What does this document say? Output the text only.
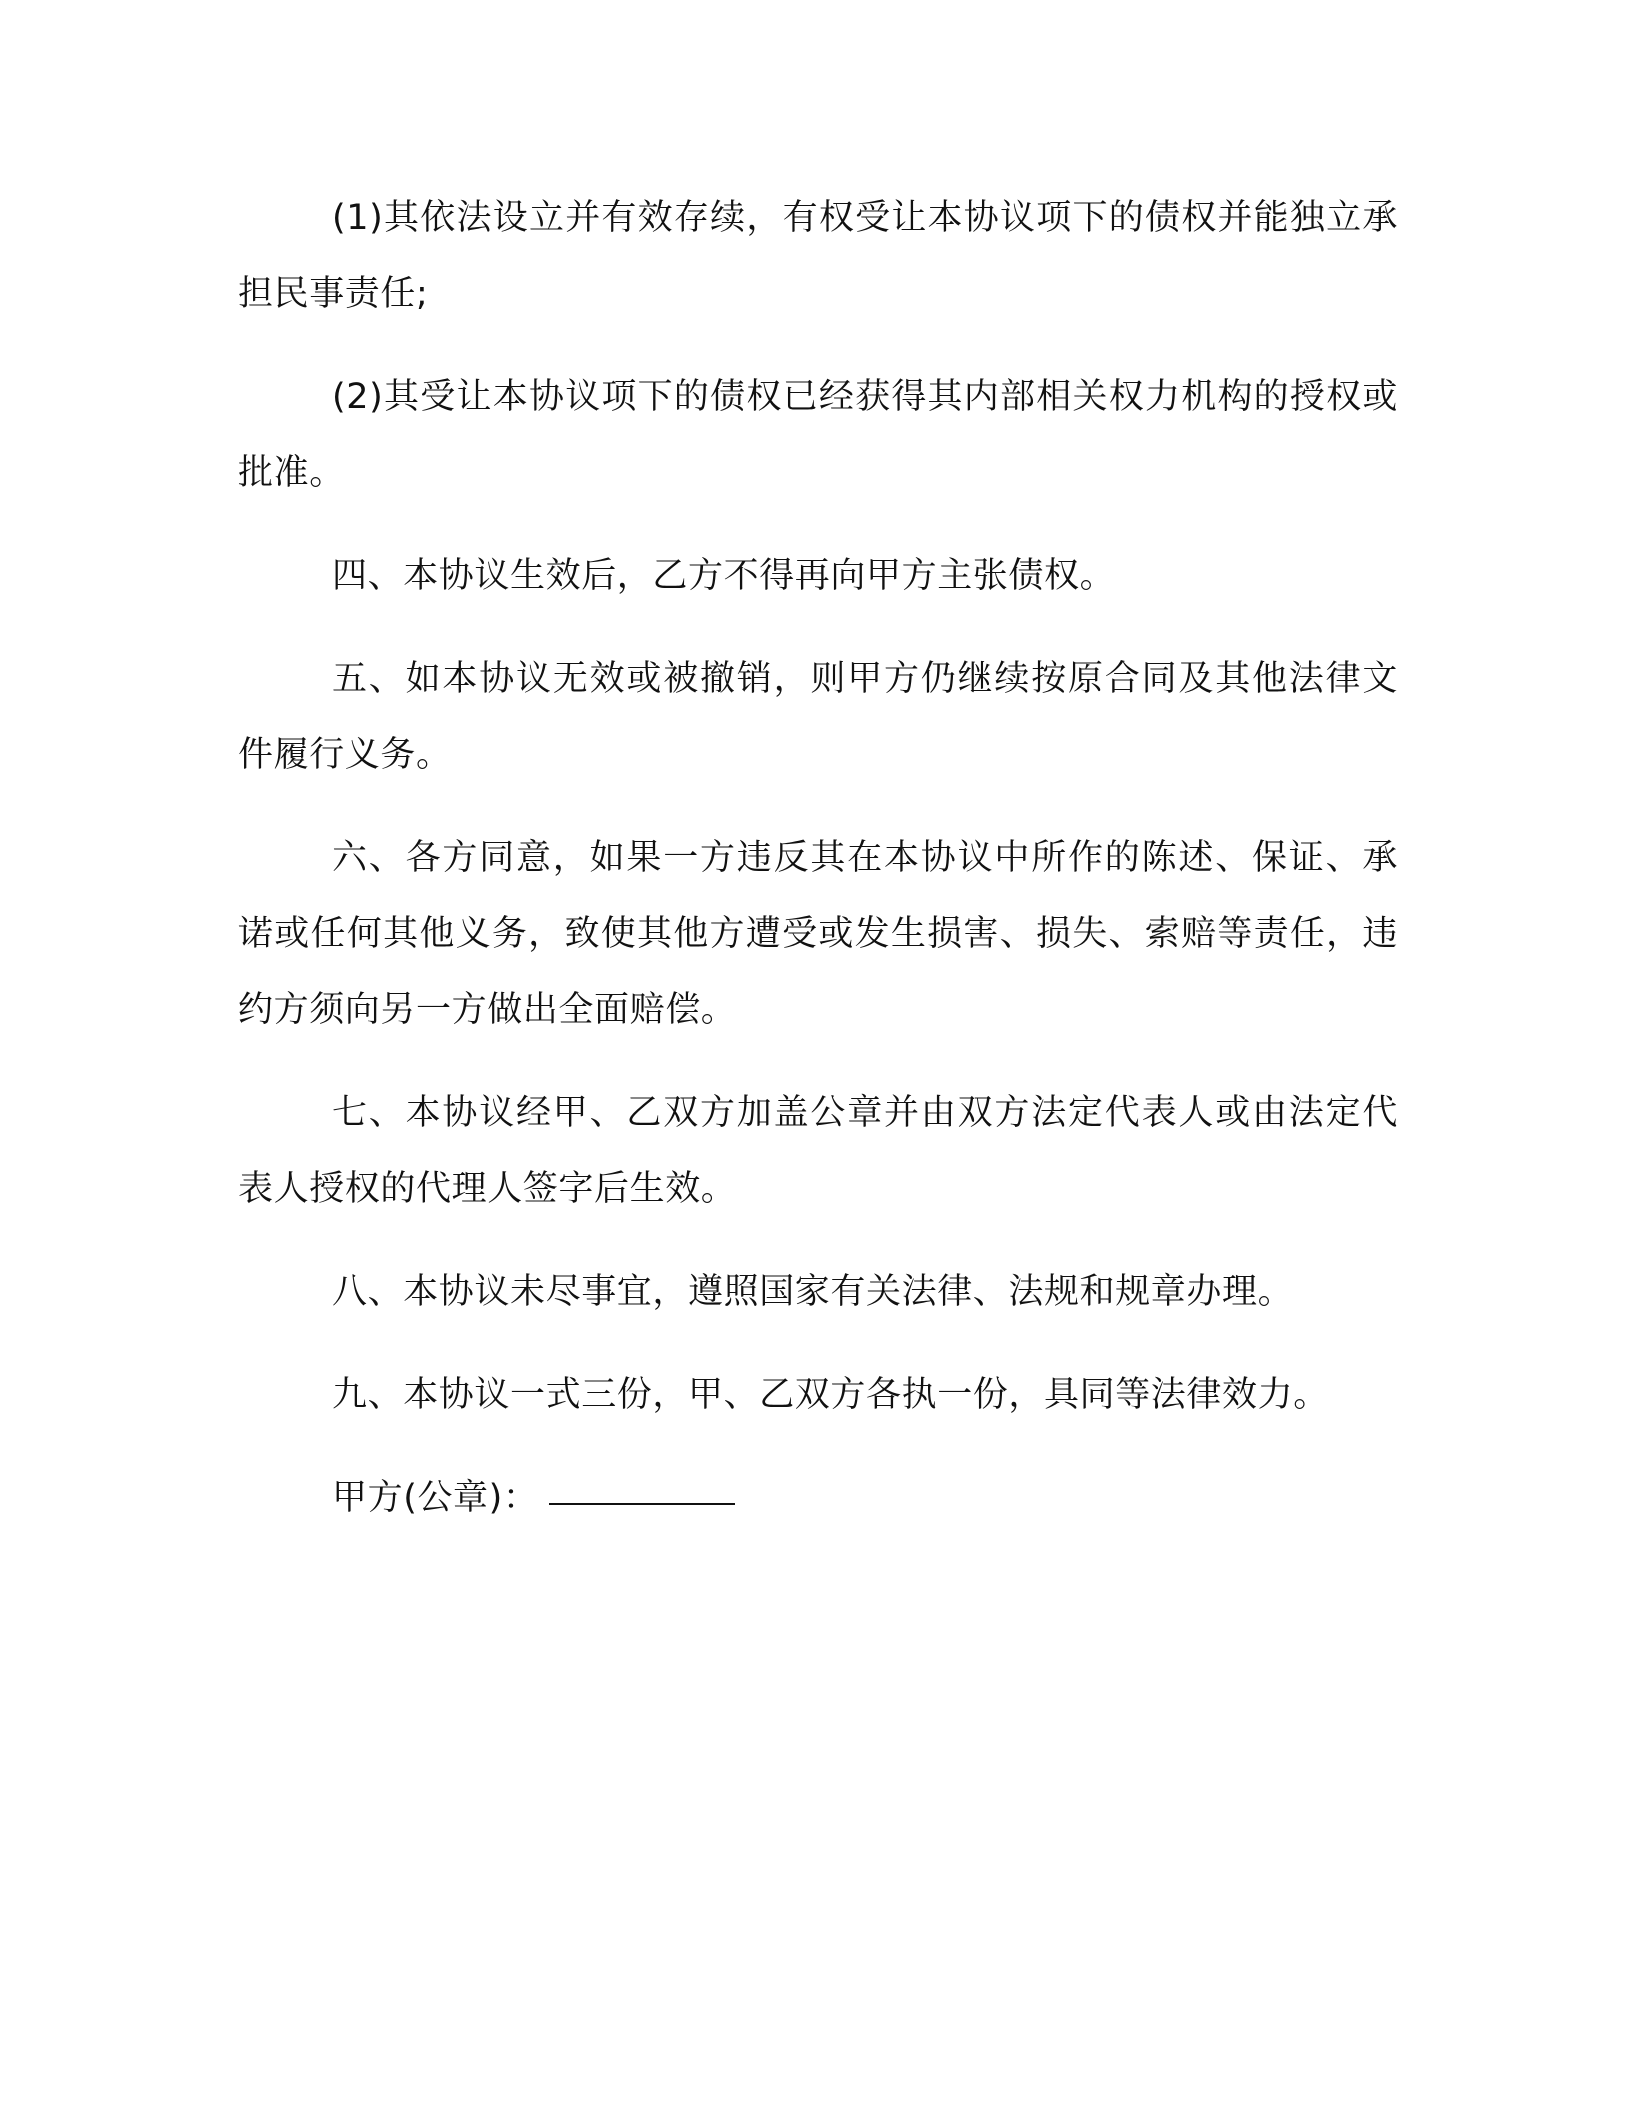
(1)其依法设立并有效存续，有权受让本协议项下的债权并能独立承担民事责任;

(2)其受让本协议项下的债权已经获得其内部相关权力机构的授权或批准。

四、本协议生效后，乙方不得再向甲方主张债权。

五、如本协议无效或被撤销，则甲方仍继续按原合同及其他法律文件履行义务。

六、各方同意，如果一方违反其在本协议中所作的陈述、保证、承诺或任何其他义务，致使其他方遭受或发生损害、损失、索赔等责任，违约方须向另一方做出全面赔偿。

七、本协议经甲、乙双方加盖公章并由双方法定代表人或由法定代表人授权的代理人签字后生效。

八、本协议未尽事宜，遵照国家有关法律、法规和规章办理。

九、本协议一式三份，甲、乙双方各执一份，具同等法律效力。

甲方(公章)：
